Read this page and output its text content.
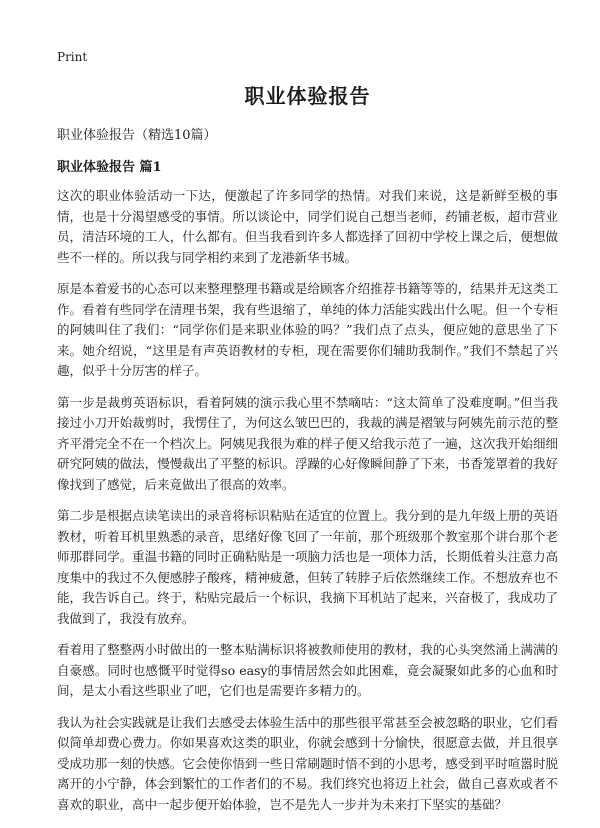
Print
职业体验报告
职业体验报告（精选10篇）
职业体验报告 篇1

这次的职业体验活动一下达，便激起了许多同学的热情。对我们来说，这是新鲜至极的事情，也是十分渴望感受的事情。所以谈论中，同学们说自己想当老师，药铺老板，超市营业员，清洁环境的工人，什么都有。但当我看到许多人都选择了回初中学校上课之后，便想做些不一样的。所以我与同学相约来到了龙港新华书城。

原是本着爱书的心态可以来整理整理书籍或是给顾客介绍推荐书籍等等的，结果并无这类工作。看着有些同学在清理书架，我有些退缩了，单纯的体力活能实践出什么呢。但一个专柜的阿姨叫住了我们：“同学你们是来职业体验的吗？”我们点了点头，便应她的意思坐了下来。她介绍说，“这里是有声英语教材的专柜，现在需要你们辅助我制作。”我们不禁起了兴趣，似乎十分厉害的样子。

第一步是裁剪英语标识，看着阿姨的演示我心里不禁嘀咕：“这太简单了没难度啊。”但当我接过小刀开始裁剪时，我愣住了，为何这么皱巴巴的，我裁的满是褶皱与阿姨先前示范的整齐平滑完全不在一个档次上。阿姨见我很为难的样子便又给我示范了一遍，这次我开始细细研究阿姨的做法，慢慢裁出了平整的标识。浮躁的心好像瞬间静了下来，书香笼罩着的我好像找到了感觉，后来竟做出了很高的效率。

第二步是根据点读笔读出的录音将标识粘贴在适宜的位置上。我分到的是九年级上册的英语教材，听着耳机里熟悉的录音，思绪好像飞回了一年前，那个班级那个教室那个讲台那个老师那群同学。重温书籍的同时正确粘贴是一项脑力活也是一项体力活，长期低着头注意力高度集中的我过不久便感脖子酸疼，精神疲惫，但转了转脖子后依然继续工作。不想放弃也不能，我告诉自己。终于，粘贴完最后一个标识，我摘下耳机站了起来，兴奋极了，我成功了我做到了，我没有放弃。

看着用了整整两小时做出的一整本贴满标识将被教师使用的教材，我的心头突然涌上满满的自豪感。同时也感慨平时觉得so easy的事情居然会如此困难，竟会凝聚如此多的心血和时间，是太小看这些职业了吧，它们也是需要许多精力的。

我认为社会实践就是让我们去感受去体验生活中的那些很平常甚至会被忽略的职业，它们看似简单却费心费力。你如果喜欢这类的职业，你就会感到十分愉快，很愿意去做，并且很享受成功那一刻的快感。它会使你悟到一些日常刷题时悟不到的小思考，感受到平时喧嚣时脱离开的小宁静，体会到繁忙的工作者们的不易。我们终究也将迈上社会，做自己喜欢或者不喜欢的职业，高中一起步便开始体验，岂不是先人一步并为未来打下坚实的基础？
